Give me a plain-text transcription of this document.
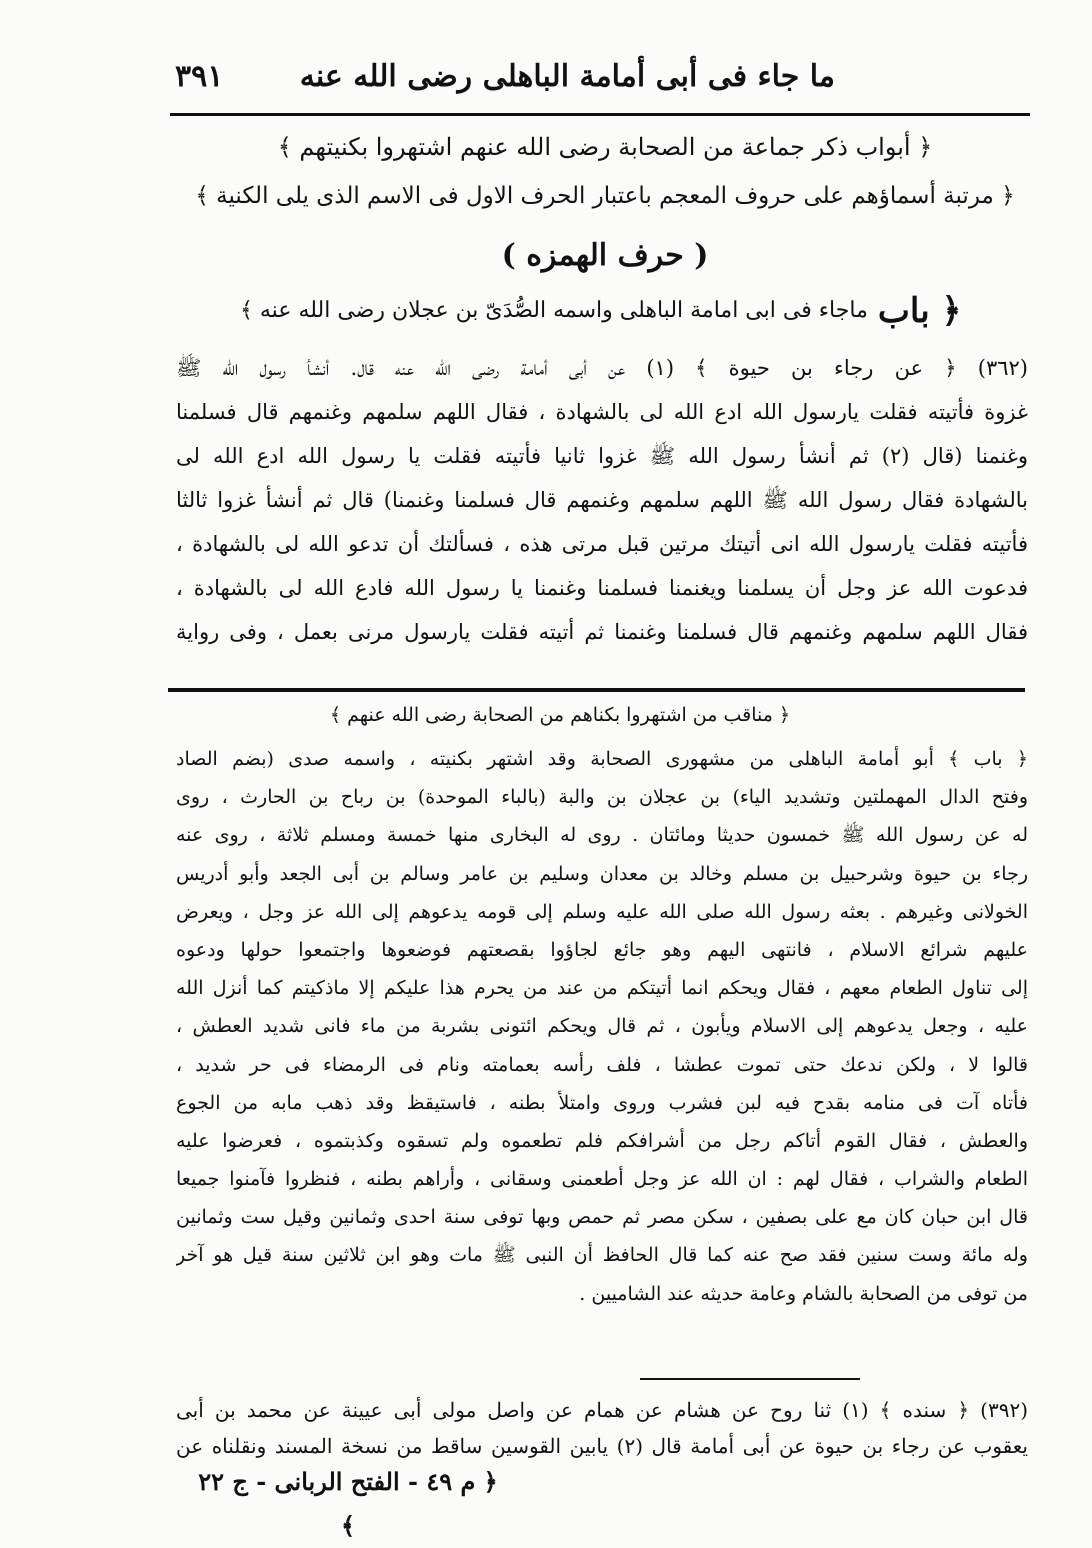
ما جاء فى أبى أمامة الباهلى رضى الله عنه
٣٩١
﴿ أبواب ذكر جماعة من الصحابة رضى الله عنهم اشتهروا بكنيتهم ﴾
﴿ مرتبة أسماؤهم على حروف المعجم باعتبار الحرف الاول فى الاسم الذى يلى الكنية ﴾
( حرف الهمزه )
﴿ باب
ماجاء فى ابى امامة الباهلى واسمه الصُّدَىّ بن عجلان رضى الله عنه ﴾
(٣٦٢) ﴿ عن رجاء بن حيوة ﴾ (١) عن أبى أمامة رضى الله عنه قال. أنشأ رسول الله ﷺ
غزوة فأتيته فقلت يارسول الله ادع الله لى بالشهادة ، فقال اللهم سلمهم وغنمهم قال فسلمنا
وغنمنا (قال (٢) ثم أنشأ رسول الله ﷺ غزوا ثانيا فأتيته فقلت يا رسول الله ادع الله لى
بالشهادة فقال رسول الله ﷺ اللهم سلمهم وغنمهم قال فسلمنا وغنمنا) قال ثم أنشأ غزوا ثالثا
فأتيته فقلت يارسول الله انى أتيتك مرتين قبل مرتى هذه ، فسألتك أن تدعو الله لى بالشهادة ،
فدعوت الله عز وجل أن يسلمنا ويغنمنا فسلمنا وغنمنا يا رسول الله فادع الله لى بالشهادة ،
فقال اللهم سلمهم وغنمهم قال فسلمنا وغنمنا ثم أتيته فقلت يارسول مرنى بعمل ، وفى رواية
﴿ مناقب من اشتهروا بكناهم من الصحابة رضى الله عنهم ﴾
﴿ باب ﴾ أبو أمامة الباهلى من مشهورى الصحابة وقد اشتهر بكنيته ، واسمه صدى (بضم الصاد
وفتح الدال المهملتين وتشديد الياء) بن عجلان بن والبة (بالباء الموحدة) بن رباح بن الحارث ، روى
له عن رسول الله ﷺ خمسون حديثا ومائتان . روى له البخارى منها خمسة ومسلم ثلاثة ، روى عنه
رجاء بن حيوة وشرحبيل بن مسلم وخالد بن معدان وسليم بن عامر وسالم بن أبى الجعد وأبو أدريس
الخولانى وغيرهم . بعثه رسول الله صلى الله عليه وسلم إلى قومه يدعوهم إلى الله عز وجل ، ويعرض
عليهم شرائع الاسلام ، فانتهى اليهم وهو جائع لجاؤوا بقصعتهم فوضعوها واجتمعوا حولها ودعوه
إلى تناول الطعام معهم ، فقال ويحكم انما أتيتكم من عند من يحرم هذا عليكم إلا ماذكيتم كما أنزل الله
عليه ، وجعل يدعوهم إلى الاسلام ويأبون ، ثم قال ويحكم ائتونى بشربة من ماء فانى شديد العطش ،
قالوا لا ، ولكن ندعك حتى تموت عطشا ، فلف رأسه بعمامته ونام فى الرمضاء فى حر شديد ،
فأتاه آت فى منامه بقدح فيه لبن فشرب وروى وامتلأ بطنه ، فاستيقظ وقد ذهب مابه من الجوع
والعطش ، فقال القوم أتاكم رجل من أشرافكم فلم تطعموه ولم تسقوه وكذبتموه ، فعرضوا عليه
الطعام والشراب ، فقال لهم : ان الله عز وجل أطعمنى وسقانى ، وأراهم بطنه ، فنظروا فآمنوا جميعا
قال ابن حبان كان مع على بصفين ، سكن مصر ثم حمص وبها توفى سنة احدى وثمانين وقيل ست وثمانين
وله مائة وست سنين فقد صح عنه كما قال الحافظ أن النبى ﷺ مات وهو ابن ثلاثين سنة قيل هو آخر
من توفى من الصحابة بالشام وعامة حديثه عند الشاميين .
(٣٩٢) ﴿ سنده ﴾ (١) ثنا روح عن هشام عن همام عن واصل مولى أبى عيينة عن محمد بن أبى
يعقوب عن رجاء بن حيوة عن أبى أمامة قال (٢) يابين القوسين ساقط من نسخة المسند ونقلناه عن
﴿ م ٤٩ - الفتح الربانى - ج ٢٢ ﴾
